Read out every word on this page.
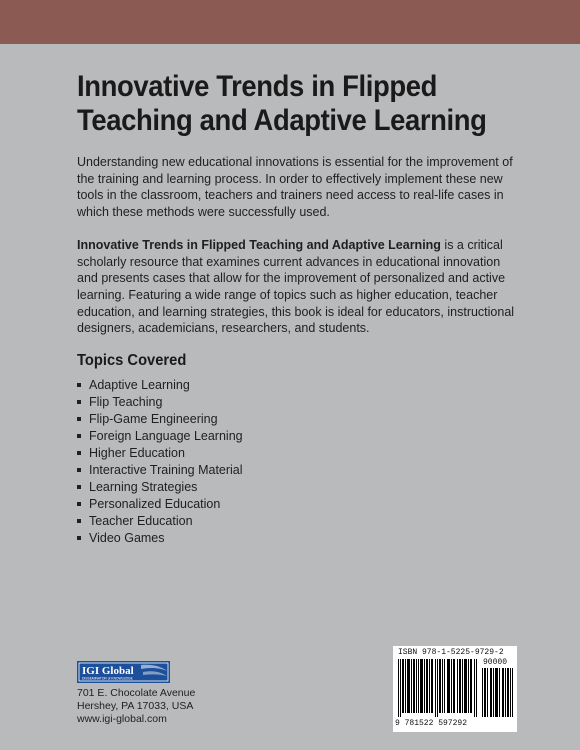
Innovative Trends in Flipped
Teaching and Adaptive Learning

Understanding new educational innovations is essential for the improvement of the training and learning process. In order to effectively implement these new tools in the classroom, teachers and trainers need access to real-life cases in which these methods were successfully used.

Innovative Trends in Flipped Teaching and Adaptive Learning is a critical scholarly resource that examines current advances in educational innovation and presents cases that allow for the improvement of personalized and active learning. Featuring a wide range of topics such as higher education, teacher education, and learning strategies, this book is ideal for educators, instructional designers, academicians, researchers, and students.

Topics Covered
Adaptive Learning
Flip Teaching
Flip-Game Engineering
Foreign Language Learning
Higher Education
Interactive Training Material
Learning Strategies
Personalized Education
Teacher Education
Video Games
IGI Global
DISSEMINATOR of KNOWLEDGE
701 E. Chocolate Avenue
Hershey, PA 17033, USA
www.igi-global.com
ISBN 978-1-5225-9729-2
90000
9 781522 597292
